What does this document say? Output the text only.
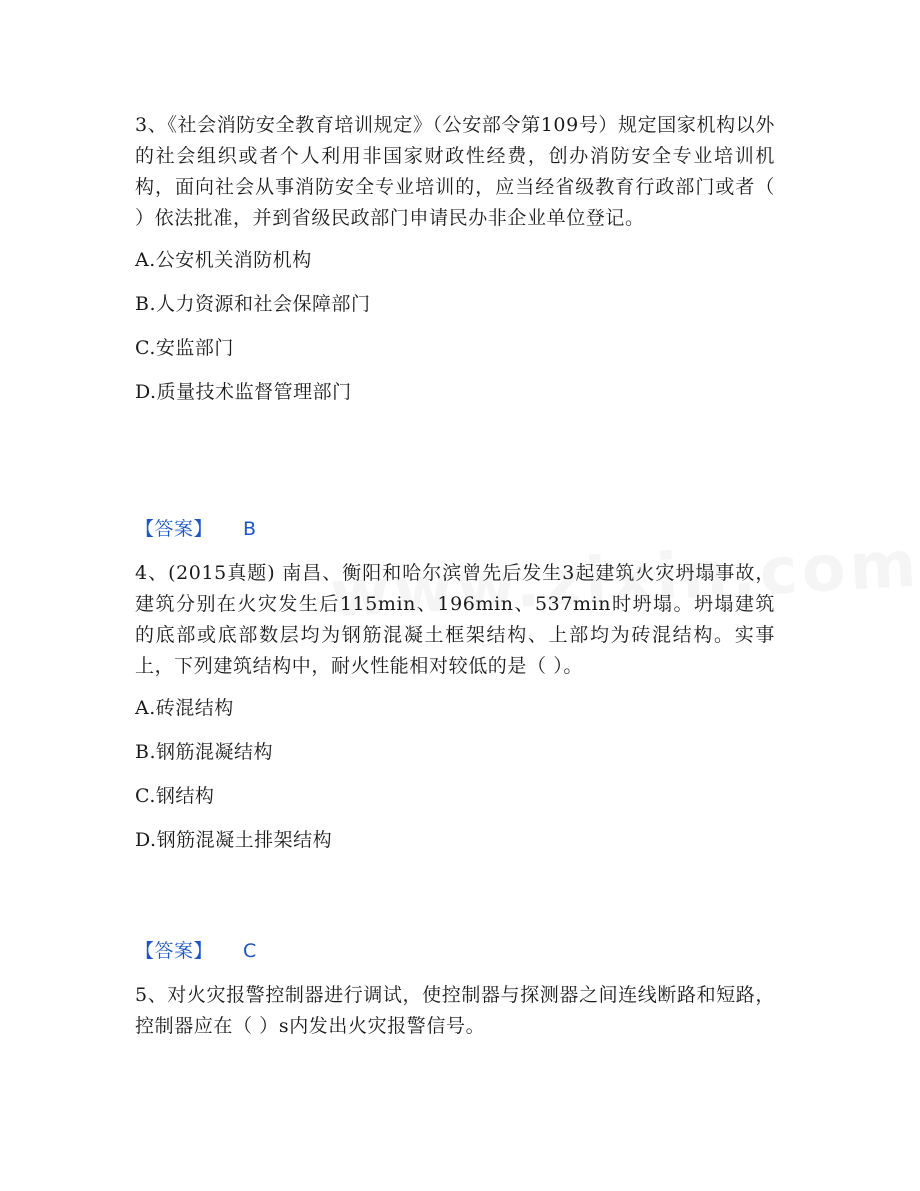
3、《社会消防安全教育培训规定》（公安部令第109号）规定国家机构以外的社会组织或者个人利用非国家财政性经费，创办消防安全专业培训机构，面向社会从事消防安全专业培训的，应当经省级教育行政部门或者（ ）依法批准，并到省级民政部门申请民办非企业单位登记。

A.公安机关消防机构
B.人力资源和社会保障部门
C.安监部门
D.质量技术监督管理部门
【答案】 B

4、(2015真题) 南昌、衡阳和哈尔滨曾先后发生3起建筑火灾坍塌事故，建筑分别在火灾发生后115min、196min、537min时坍塌。坍塌建筑的底部或底部数层均为钢筋混凝土框架结构、上部均为砖混结构。实事上，下列建筑结构中，耐火性能相对较低的是（ ）。

A.砖混结构
B.钢筋混凝结构
C.钢结构
D.钢筋混凝土排架结构
【答案】 C

5、对火灾报警控制器进行调试，使控制器与探测器之间连线断路和短路，控制器应在（ ）s内发出火灾报警信号。
